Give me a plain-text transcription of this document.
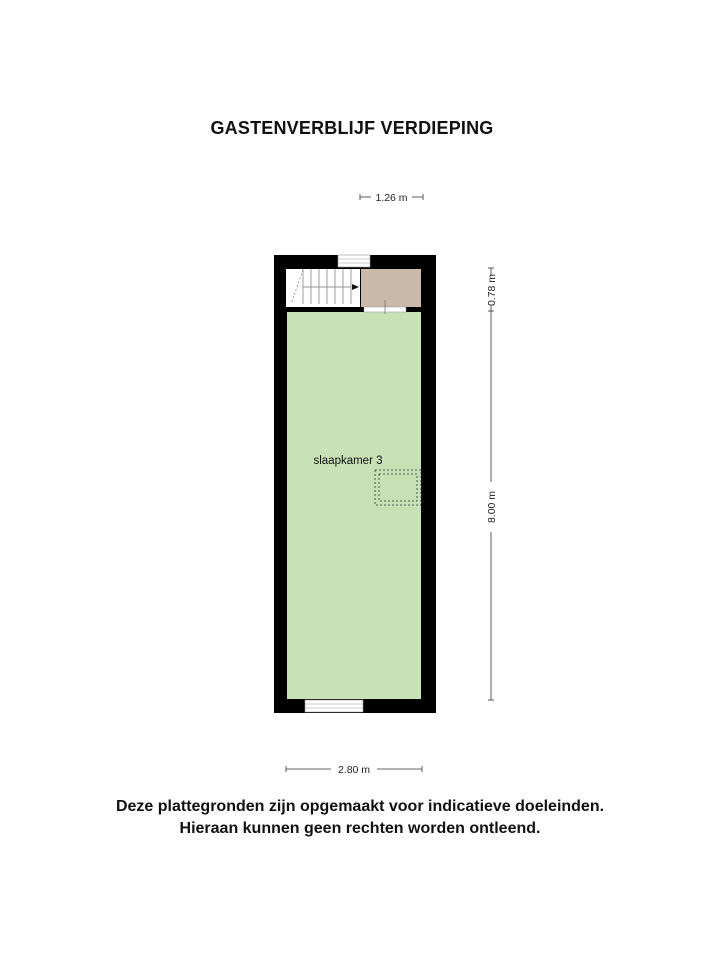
GASTENVERBLIJF VERDIEPING
1.26 m
slaapkamer 3
0.78 m
8.00 m
2.80 m
Deze plattegronden zijn opgemaakt voor indicatieve doeleinden.
Hieraan kunnen geen rechten worden ontleend.
